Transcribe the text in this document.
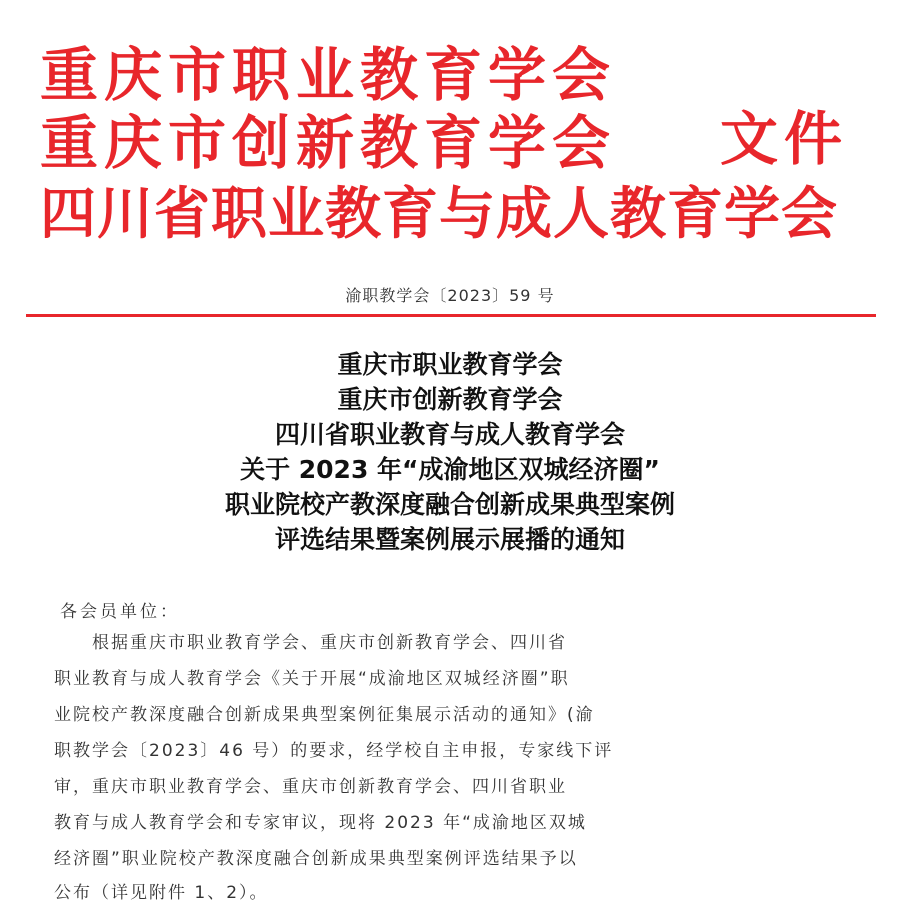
重庆市职业教育学会
重庆市创新教育学会 文件
四川省职业教育与成人教育学会
渝职教学会〔2023〕59 号
重庆市职业教育学会
重庆市创新教育学会
四川省职业教育与成人教育学会
关于 2023 年“成渝地区双城经济圈”
职业院校产教深度融合创新成果典型案例
评选结果暨案例展示展播的通知
各会员单位：
　　根据重庆市职业教育学会、重庆市创新教育学会、四川省
职业教育与成人教育学会《关于开展“成渝地区双城经济圈”职
业院校产教深度融合创新成果典型案例征集展示活动的通知》(渝
职教学会〔2023〕46 号）的要求，经学校自主申报，专家线下评
审，重庆市职业教育学会、重庆市创新教育学会、四川省职业
教育与成人教育学会和专家审议，现将 2023 年“成渝地区双城
经济圈”职业院校产教深度融合创新成果典型案例评选结果予以
公布（详见附件 1、2）。
